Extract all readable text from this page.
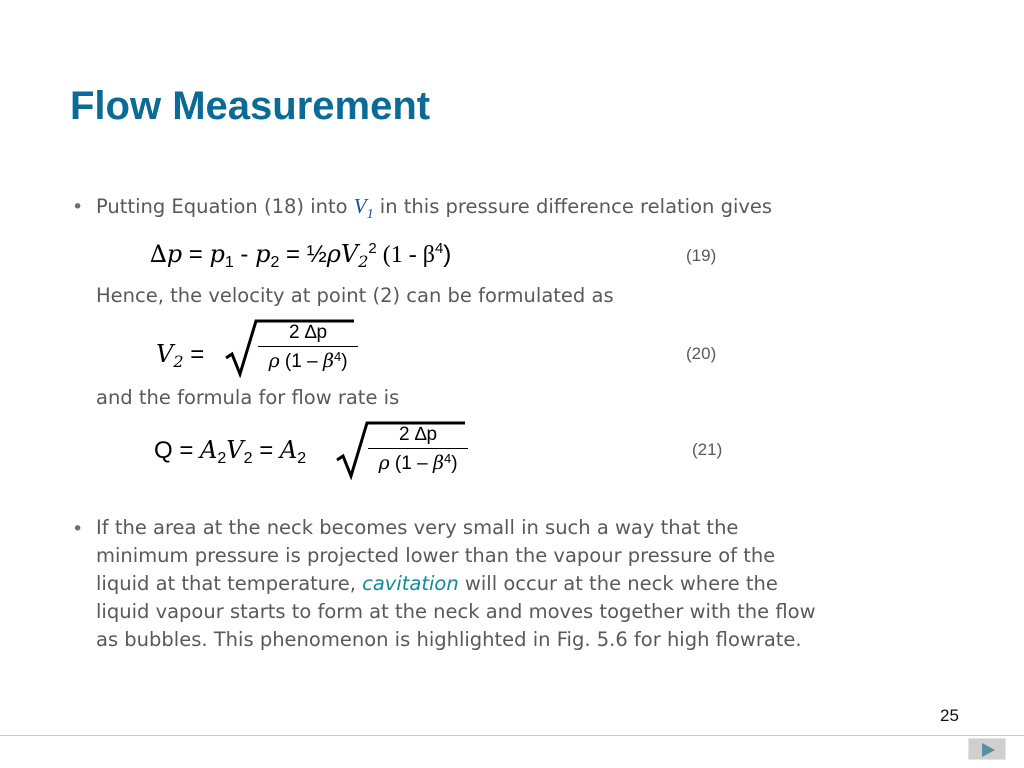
Flow Measurement
• Putting Equation (18) into $V_1$ in this pressure difference relation gives
$\Delta p = p_1 - p_2$ = $\frac{1}{2}\rho V_2^2$ $(1 - \beta^4)$	(19)
Hence, the velocity at point (2) can be formulated as
$V_2$ =	$\frac{2 \Delta p}{\rho (1 - \beta^4)}$	(20)
and the formula for flow rate is
$Q = A_2V_2 = A_2$	$\frac{2 \Delta p}{\rho (1 - \beta^4)}$	(21)
• If the area at the neck becomes very small in such a way that the
minimum pressure is projected lower than the vapour pressure of the
liquid at that temperature, cavitation will occur at the neck where the
liquid vapour starts to form at the neck and moves together with the flow
as bubbles. This phenomenon is highlighted in Fig. 5.6 for high flowrate.
25
